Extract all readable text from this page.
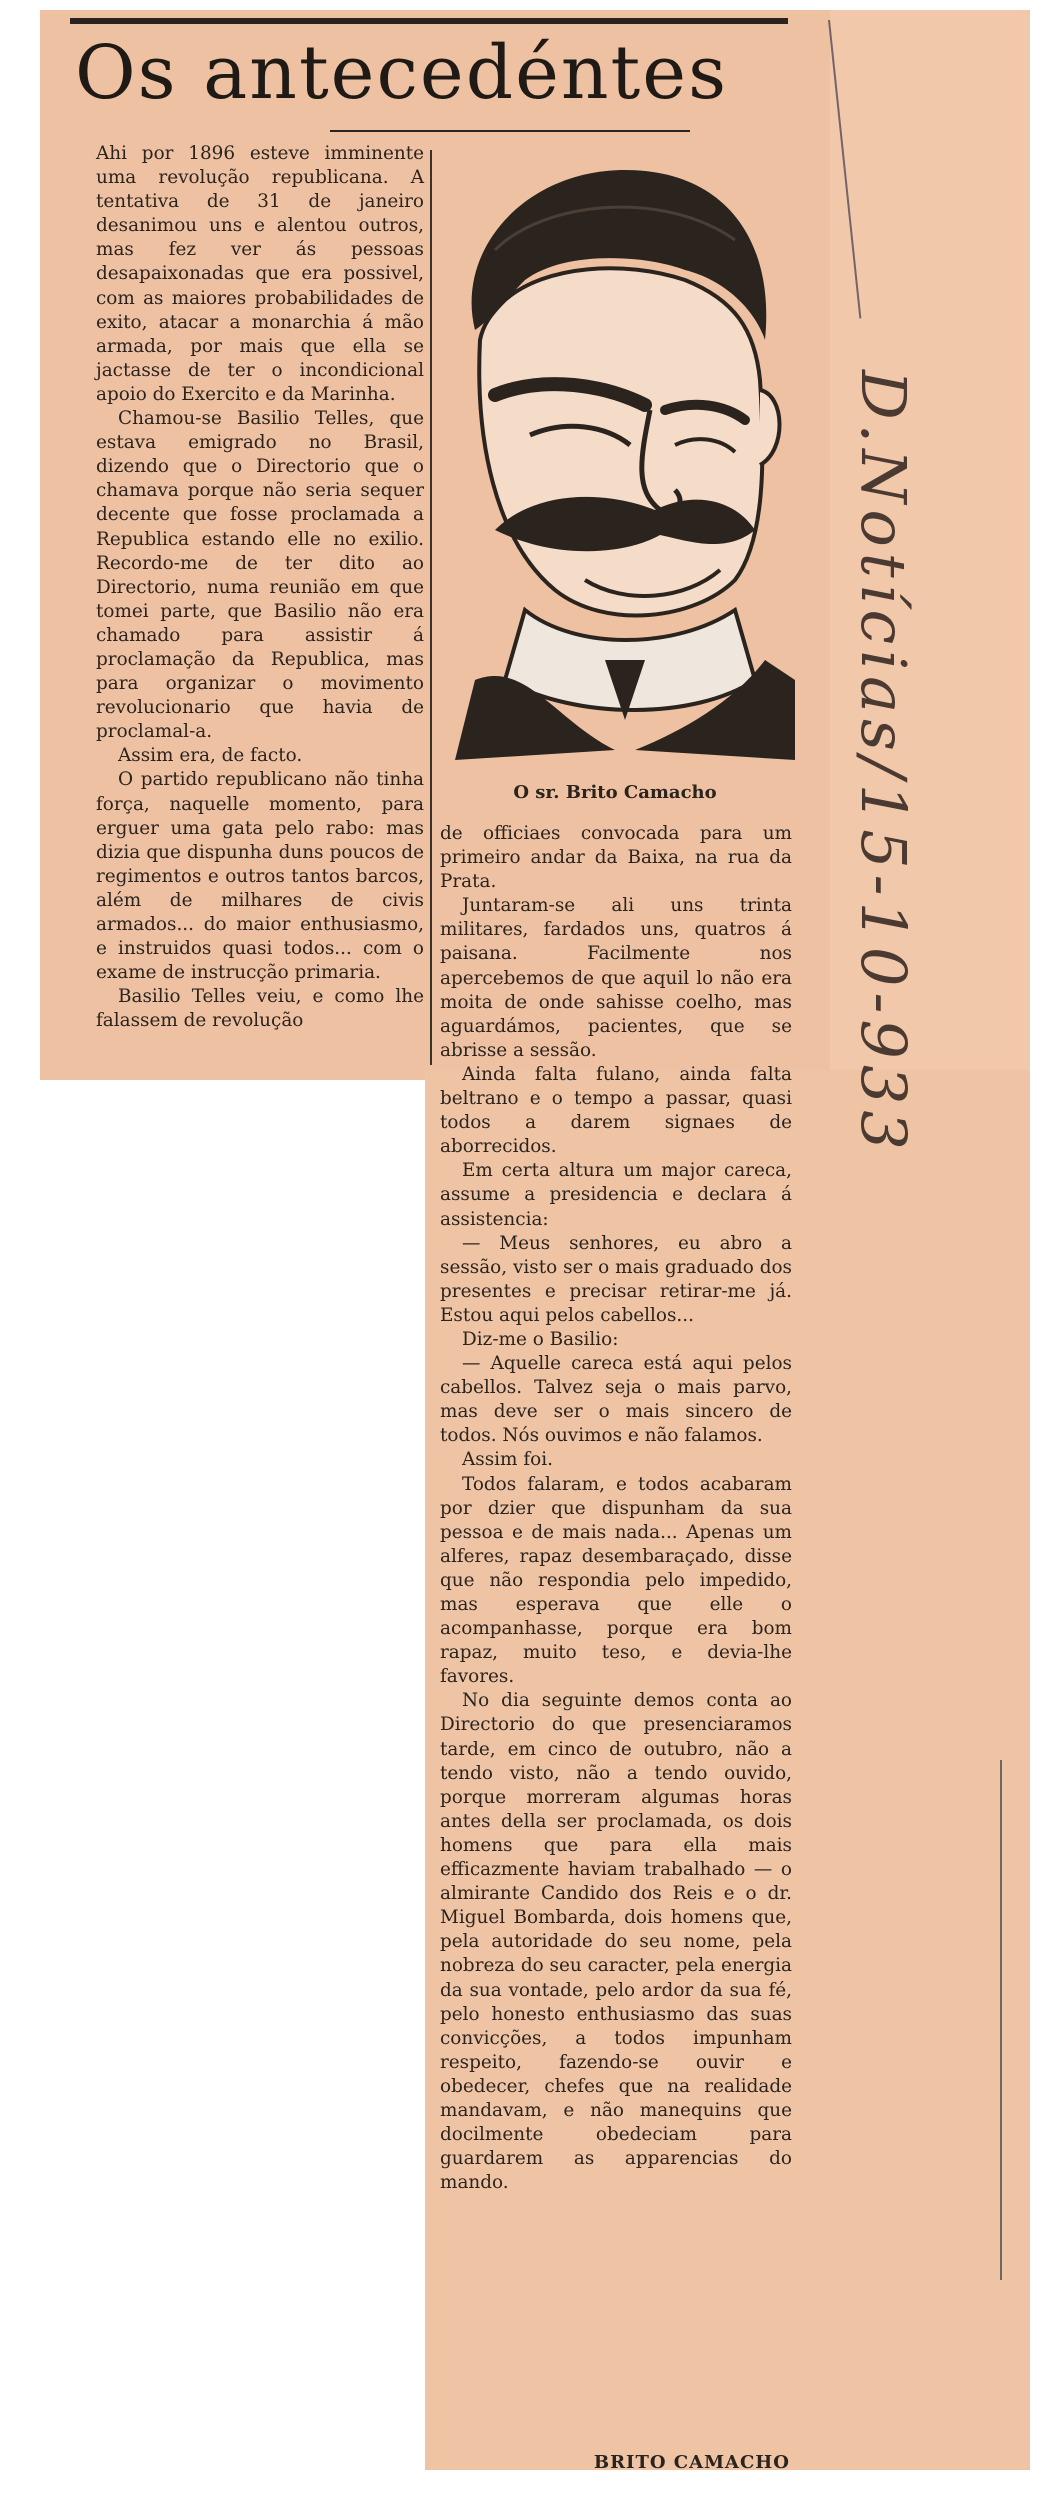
Os antecedéntes

Ahi por 1896 esteve imminente uma revolução republicana. A tentativa de 31 de janeiro desanimou uns e alentou outros, mas fez ver ás pessoas desapaixonadas que era possivel, com as maiores probabilidades de exito, atacar a monarchia á mão armada, por mais que ella se jactasse de ter o incondicional apoio do Exercito e da Marinha.

Chamou-se Basilio Telles, que estava emigrado no Brasil, dizendo que o Directorio que o chamava porque não seria sequer decente que fosse proclamada a Republica estando elle no exilio. Recordo-me de ter dito ao Directorio, numa reunião em que tomei parte, que Basilio não era chamado para assistir á proclamação da Republica, mas para organizar o movimento revolucionario que havia de proclamal-a.

Assim era, de facto.

O partido republicano não tinha força, naquelle momento, para erguer uma gata pelo rabo: mas dizia que dispunha duns poucos de regimentos e outros tantos barcos, além de milhares de civis armados... do maior enthusiasmo, e instruidos quasi todos... com o exame de instrucção primaria.

Basilio Telles veiu, e como lhe falassem de revolução

O sr. Brito Camacho

de officiaes convocada para um primeiro andar da Baixa, na rua da Prata.

Juntaram-se ali uns trinta militares, fardados uns, quatros á paisana. Facilmente nos apercebemos de que aquil lo não era moita de onde sahisse coelho, mas aguardámos, pacientes, que se abrisse a sessão.

Ainda falta fulano, ainda falta beltrano e o tempo a passar, quasi todos a darem signaes de aborrecidos.

Em certa altura um major careca, assume a presidencia e declara á assistencia:

— Meus senhores, eu abro a sessão, visto ser o mais graduado dos presentes e precisar retirar-me já. Estou aqui pelos cabellos...

Diz-me o Basilio:

— Aquelle careca está aqui pelos cabellos. Talvez seja o mais parvo, mas deve ser o mais sincero de todos. Nós ouvimos e não falamos.

Assim foi.

Todos falaram, e todos acabaram por dzier que dispunham da sua pessoa e de mais nada... Apenas um alferes, rapaz desembaraçado, disse que não respondia pelo impedido, mas esperava que elle o acompanhasse, porque era bom rapaz, muito teso, e devia-lhe favores.

No dia seguinte demos conta ao Directorio do que presenciaramos tarde, em cinco de outubro, não a tendo visto, não a tendo ouvido, porque morreram algumas horas antes della ser proclamada, os dois homens que para ella mais efficazmente haviam trabalhado — o almirante Candido dos Reis e o dr. Miguel Bombarda, dois homens que, pela autoridade do seu nome, pela nobreza do seu caracter, pela energia da sua vontade, pelo ardor da sua fé, pelo honesto enthusiasmo das suas convicções, a todos impunham respeito, fazendo-se ouvir e obedecer, chefes que na realidade mandavam, e não manequins que docilmente obedeciam para guardarem as apparencias do mando.

BRITO CAMACHO
D.Notícias/15-10-933
